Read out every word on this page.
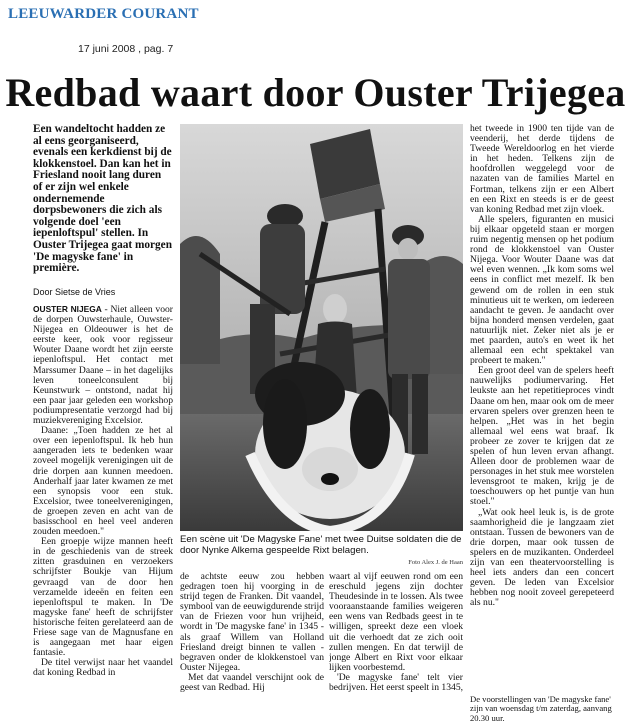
LEEUWARDER COURANT
17 juni 2008 , pag. 7
Redbad waart door Ouster Trijegea

Een wandeltocht hadden ze al eens georganiseerd, evenals een kerkdienst bij de klokkenstoel. Dan kan het in Friesland nooit lang duren of er zijn wel enkele ondernemende dorpsbewoners die zich als volgende doel 'een iepenloftspul' stellen. In Ouster Trijegea gaat morgen 'De magyske fane' in première.

Door Sietse de Vries

OUSTER NIJEGA - Niet alleen voor de dorpen Ouwsterhaule, Ouwster-Nijegea en Oldeouwer is het de eerste keer, ook voor regisseur Wouter Daane wordt het zijn eerste iepenloftspul. Het contact met Marssumer Daane – in het dagelijks leven toneelconsulent bij Keunstwurk – ontstond, nadat hij een paar jaar geleden een workshop podiumpresentatie verzorgd had bij muziekvereniging Excelsior.

Daane: „Toen hadden ze het al over een iepenloftspul. Ik heb hun aangeraden iets te bedenken waar zoveel mogelijk verenigingen uit de drie dorpen aan kunnen meedoen. Anderhalf jaar later kwamen ze met een synopsis voor een stuk. Excelsior, twee toneelverenigingen, de groepen zeven en acht van de basisschool en heel veel anderen zouden meedoen."

Een groepje wijze mannen heeft in de geschiedenis van de streek zitten grasduinen en verzoekers schrijfster Boukje van Hijum gevraagd van de door hen verzamelde ideeën en feiten een iepenloftspul te maken. In 'De magyske fane' heeft de schrijfster historische feiten gerelateerd aan de Friese sage van de Magnusfane en is aangegaan met haar eigen fantasie.

De titel verwijst naar het vaandel dat koning Redbad in

Een scène uit 'De Magyske Fane' met twee Duitse soldaten die de door Nynke Alkema gespeelde Rixt belagen.

Foto Alex J. de Haan

de achtste eeuw zou hebben gedragen toen hij voorging in de strijd tegen de Franken. Dit vaandel, symbool van de eeuwigdurende strijd van de Friezen voor hun vrijheid, wordt in 'De magyske fane' in 1345 - als graaf Willem van Holland Friesland dreigt binnen te vallen - begraven onder de klokkenstoel van Ouster Nijegea.

Met dat vaandel verschijnt ook de geest van Redbad. Hij

waart al vijf eeuwen rond om een ereschuld jegens zijn dochter Theudesinde in te lossen. Als twee vooraanstaande families weigeren een wens van Redbads geest in te willigen, spreekt deze een vloek uit die verhoedt dat ze zich ooit zullen mengen. En dat terwijl de jonge Albert en Rixt voor elkaar lijken voorbestemd.

'De magyske fane' telt vier bedrijven. Het eerst speelt in 1345,

het tweede in 1900 ten tijde van de veenderij, het derde tijdens de Tweede Wereldoorlog en het vierde in het heden. Telkens zijn de hoofdrollen weggelegd voor de nazaten van de families Martel en Fortman, telkens zijn er een Albert en een Rixt en steeds is er de geest van koning Redbad met zijn vloek.

Alle spelers, figuranten en musici bij elkaar opgeteld staan er morgen ruim negentig mensen op het podium rond de klokkenstoel van Ouster Nijega. Voor Wouter Daane was dat wel even wennen. „Ik kom soms wel eens in conflict met mezelf. Ik ben gewend om de rollen in een stuk minutieus uit te werken, om iedereen aandacht te geven. Je aandacht over bijna honderd mensen verdelen, gaat natuurlijk niet. Zeker niet als je er met paarden, auto's en weet ik het allemaal een echt spektakel van probeert te maken."

Een groot deel van de spelers heeft nauwelijks podiumervaring. Het leukste aan het repetitieproces vindt Daane om hen, maar ook om de meer ervaren spelers over grenzen heen te helpen. „Het was in het begin allemaal wel eens wat braaf. Ik probeer ze zover te krijgen dat ze spelen of hun leven ervan afhangt. Alleen door de problemen waar de personages in het stuk mee worstelen levensgroot te maken, krijg je de toeschouwers op het puntje van hun stoel."

„Wat ook heel leuk is, is de grote saamhorigheid die je langzaam ziet ontstaan. Tussen de bewoners van de drie dorpen, maar ook tussen de spelers en de muzikanten. Onderdeel zijn van een theatervoorstelling is heel iets anders dan een concert geven. De leden van Excelsior hebben nog nooit zoveel gerepeteerd als nu."

De voorstellingen van 'De magyske fane' zijn van woensdag t/m zaterdag, aanvang 20.30 uur.
